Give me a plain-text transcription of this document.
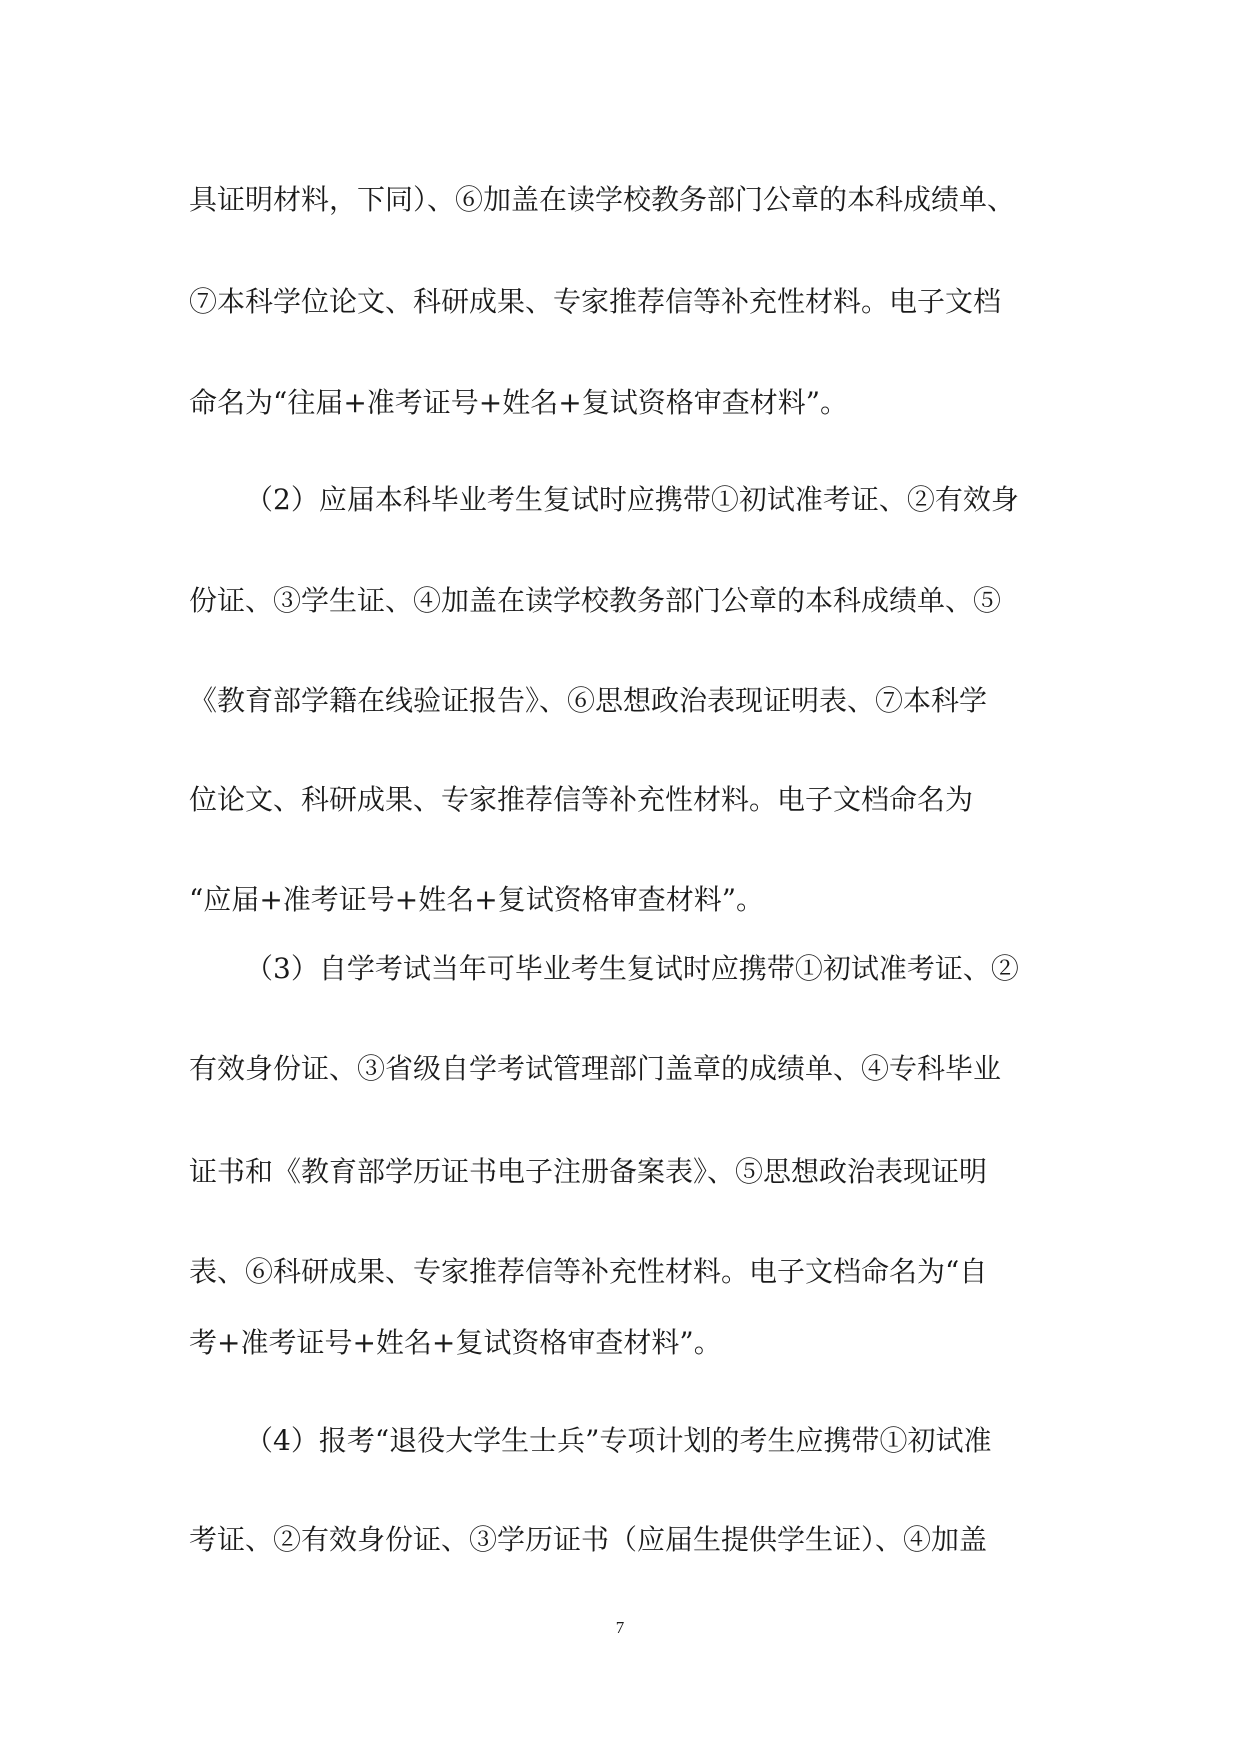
具证明材料，下同）、⑥加盖在读学校教务部门公章的本科成绩单、
⑦本科学位论文、科研成果、专家推荐信等补充性材料。电子文档
命名为“往届+准考证号+姓名+复试资格审查材料”。
（2）应届本科毕业考生复试时应携带①初试准考证、②有效身
份证、③学生证、④加盖在读学校教务部门公章的本科成绩单、⑤
《教育部学籍在线验证报告》、⑥思想政治表现证明表、⑦本科学
位论文、科研成果、专家推荐信等补充性材料。电子文档命名为
“应届+准考证号+姓名+复试资格审查材料”。
（3）自学考试当年可毕业考生复试时应携带①初试准考证、②
有效身份证、③省级自学考试管理部门盖章的成绩单、④专科毕业
证书和《教育部学历证书电子注册备案表》、⑤思想政治表现证明
表、⑥科研成果、专家推荐信等补充性材料。电子文档命名为“自
考+准考证号+姓名+复试资格审查材料”。
（4）报考“退役大学生士兵”专项计划的考生应携带①初试准
考证、②有效身份证、③学历证书（应届生提供学生证）、④加盖
7
